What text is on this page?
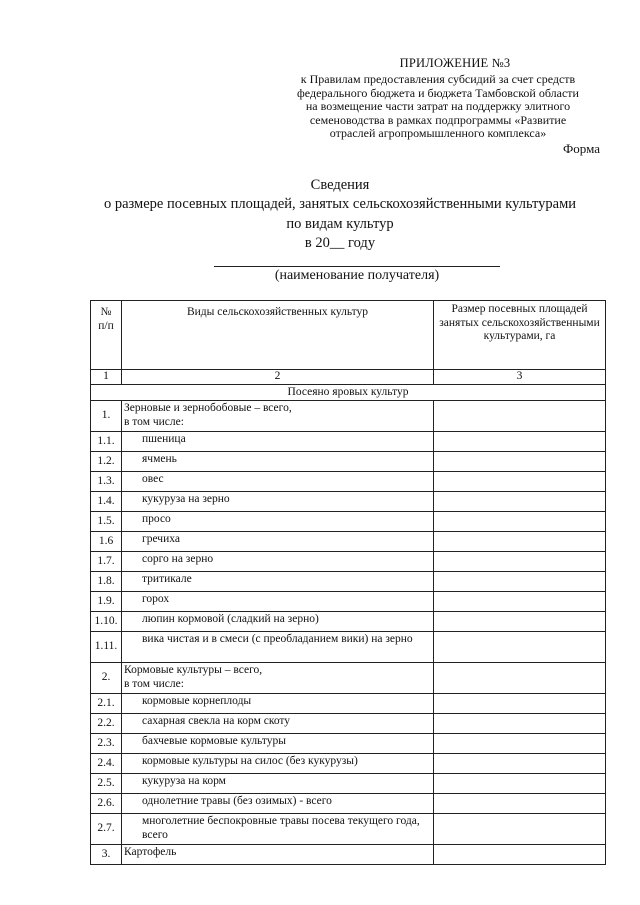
ПРИЛОЖЕНИЕ №3
к Правилам предоставления субсидий за счет средств
федерального бюджета и бюджета Тамбовской области
на возмещение части затрат на поддержку элитного
семеноводства в рамках подпрограммы «Развитие
отраслей агропромышленного комплекса»
Форма
Сведения
о размере посевных площадей, занятых сельскохозяйственными культурами
по видам культур
в 20__ году
(наименование получателя)
№
п/п	Виды сельскохозяйственных культур	Размер посевных площадей занятых сельскохозяйственными культурами, га
1	2	3
Посеяно яровых культур		
1.	Зерновые и зернобобовые – всего,
в том числе:	
1.1.	пшеница	
1.2.	ячмень	
1.3.	овес	
1.4.	кукуруза на зерно	
1.5.	просо	
1.6	гречиха	
1.7.	сорго на зерно	
1.8.	тритикале	
1.9.	горох	
1.10.	люпин кормовой (сладкий на зерно)	
1.11.	вика чистая и в смеси (с преобладанием вики) на зерно	
2.	Кормовые культуры – всего,
в том числе:	
2.1.	кормовые корнеплоды	
2.2.	сахарная свекла на корм скоту	
2.3.	бахчевые кормовые культуры	
2.4.	кормовые культуры на силос (без кукурузы)	
2.5.	кукуруза на корм	
2.6.	однолетние травы (без озимых) - всего	
2.7.	многолетние беспокровные травы посева текущего года, всего	
3.	Картофель	
